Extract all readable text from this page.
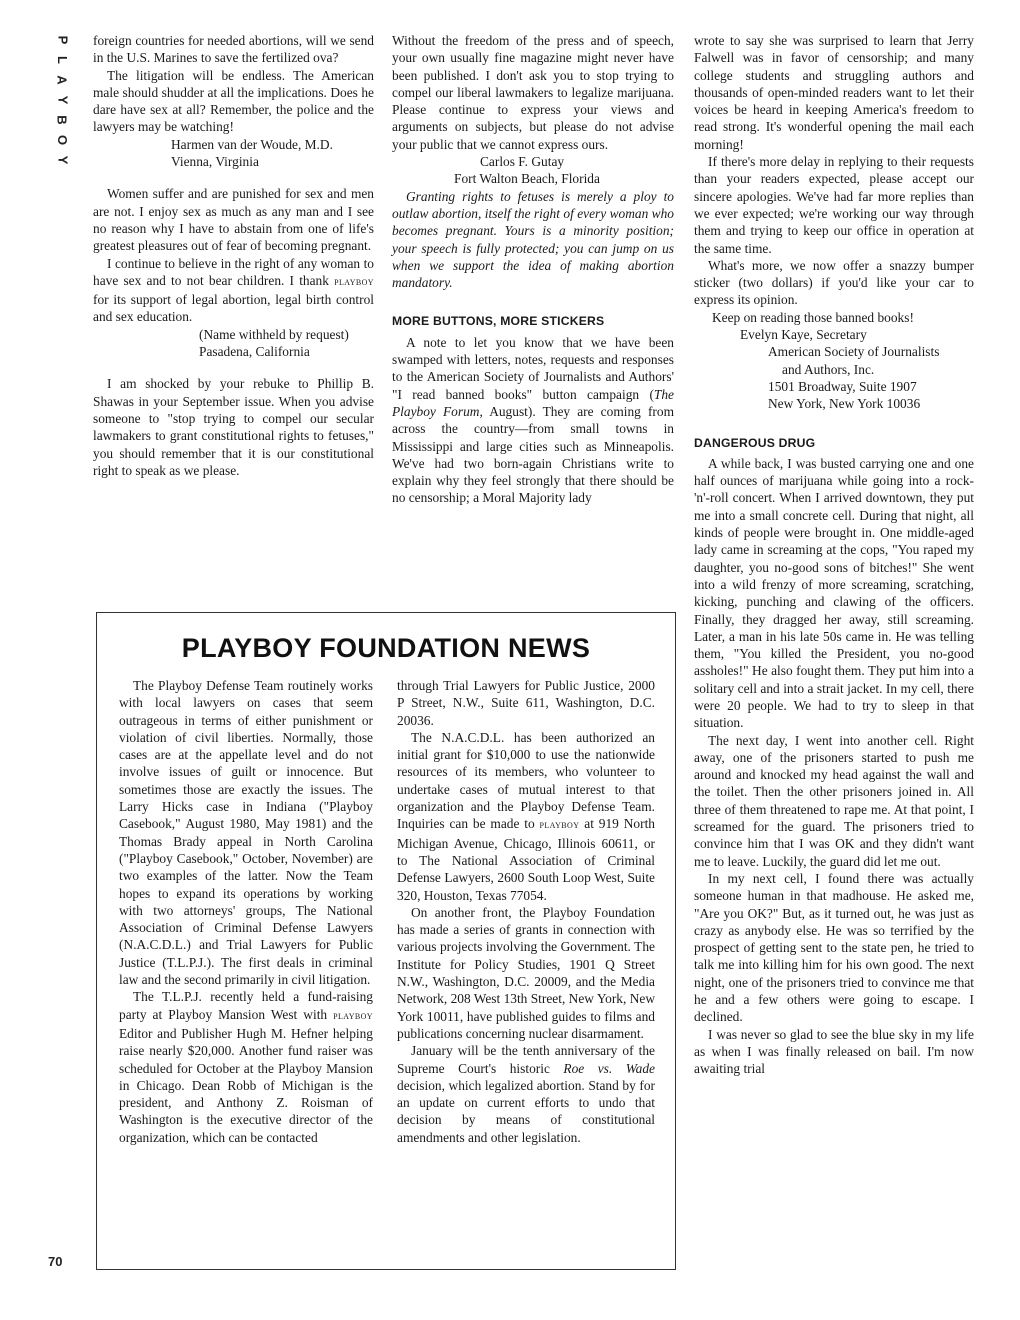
P
L
A
Y
B
O
Y
70

foreign countries for needed abortions, will we send in the U.S. Marines to save the fertilized ova?

The litigation will be endless. The American male should shudder at all the implications. Does he dare have sex at all? Remember, the police and the lawyers may be watching!

Harmen van der Woude, M.D.

Vienna, Virginia

Women suffer and are punished for sex and men are not. I enjoy sex as much as any man and I see no reason why I have to abstain from one of life's greatest pleasures out of fear of becoming pregnant.

I continue to believe in the right of any woman to have sex and to not bear children. I thank playboy for its support of legal abortion, legal birth control and sex education.

(Name withheld by request)

Pasadena, California

I am shocked by your rebuke to Phillip B. Shawas in your September issue. When you advise someone to "stop trying to compel our secular lawmakers to grant constitutional rights to fetuses," you should remember that it is our constitutional right to speak as we please.

Without the freedom of the press and of speech, your own usually fine magazine might never have been published. I don't ask you to stop trying to compel our liberal lawmakers to legalize marijuana. Please continue to express your views and arguments on subjects, but please do not advise your public that we cannot express ours.

Carlos F. Gutay

Fort Walton Beach, Florida

Granting rights to fetuses is merely a ploy to outlaw abortion, itself the right of every woman who becomes pregnant. Yours is a minority position; your speech is fully protected; you can jump on us when we support the idea of making abortion mandatory.

MORE BUTTONS, MORE STICKERS

A note to let you know that we have been swamped with letters, notes, requests and responses to the American Society of Journalists and Authors' "I read banned books" button campaign (The Playboy Forum, August). They are coming from across the country—from small towns in Mississippi and large cities such as Minneapolis. We've had two born-again Christians write to explain why they feel strongly that there should be no censorship; a Moral Majority lady

wrote to say she was surprised to learn that Jerry Falwell was in favor of censorship; and many college students and struggling authors and thousands of open-minded readers want to let their voices be heard in keeping America's freedom to read strong. It's wonderful opening the mail each morning!

If there's more delay in replying to their requests than your readers expected, please accept our sincere apologies. We've had far more replies than we ever expected; we're working our way through them and trying to keep our office in operation at the same time.

What's more, we now offer a snazzy bumper sticker (two dollars) if you'd like your car to express its opinion.

Keep on reading those banned books!

Evelyn Kaye, Secretary

American Society of Journalists

and Authors, Inc.

1501 Broadway, Suite 1907

New York, New York 10036

DANGEROUS DRUG

A while back, I was busted carrying one and one half ounces of marijuana while going into a rock-'n'-roll concert. When I arrived downtown, they put me into a small concrete cell. During that night, all kinds of people were brought in. One middle-aged lady came in screaming at the cops, "You raped my daughter, you no-good sons of bitches!" She went into a wild frenzy of more screaming, scratching, kicking, punching and clawing of the officers. Finally, they dragged her away, still screaming. Later, a man in his late 50s came in. He was telling them, "You killed the President, you no-good assholes!" He also fought them. They put him into a solitary cell and into a strait jacket. In my cell, there were 20 people. We had to try to sleep in that situation.

The next day, I went into another cell. Right away, one of the prisoners started to push me around and knocked my head against the wall and the toilet. Then the other prisoners joined in. All three of them threatened to rape me. At that point, I screamed for the guard. The prisoners tried to convince him that I was OK and they didn't want me to leave. Luckily, the guard did let me out.

In my next cell, I found there was actually someone human in that madhouse. He asked me, "Are you OK?" But, as it turned out, he was just as crazy as anybody else. He was so terrified by the prospect of getting sent to the state pen, he tried to talk me into killing him for his own good. The next night, one of the prisoners tried to convince me that he and a few others were going to escape. I declined.

I was never so glad to see the blue sky in my life as when I was finally released on bail. I'm now awaiting trial

PLAYBOY FOUNDATION NEWS

The Playboy Defense Team routinely works with local lawyers on cases that seem outrageous in terms of either punishment or violation of civil liberties. Normally, those cases are at the appellate level and do not involve issues of guilt or innocence. But sometimes those are exactly the issues. The Larry Hicks case in Indiana ("Playboy Casebook," August 1980, May 1981) and the Thomas Brady appeal in North Carolina ("Playboy Casebook," October, November) are two examples of the latter. Now the Team hopes to expand its operations by working with two attorneys' groups, The National Association of Criminal Defense Lawyers (N.A.C.D.L.) and Trial Lawyers for Public Justice (T.L.P.J.). The first deals in criminal law and the second primarily in civil litigation.

The T.L.P.J. recently held a fund-raising party at Playboy Mansion West with playboy Editor and Publisher Hugh M. Hefner helping raise nearly $20,000. Another fund raiser was scheduled for October at the Playboy Mansion in Chicago. Dean Robb of Michigan is the president, and Anthony Z. Roisman of Washington is the executive director of the organization, which can be contacted

through Trial Lawyers for Public Justice, 2000 P Street, N.W., Suite 611, Washington, D.C. 20036.

The N.A.C.D.L. has been authorized an initial grant for $10,000 to use the nationwide resources of its members, who volunteer to undertake cases of mutual interest to that organization and the Playboy Defense Team. Inquiries can be made to playboy at 919 North Michigan Avenue, Chicago, Illinois 60611, or to The National Association of Criminal Defense Lawyers, 2600 South Loop West, Suite 320, Houston, Texas 77054.

On another front, the Playboy Foundation has made a series of grants in connection with various projects involving the Government. The Institute for Policy Studies, 1901 Q Street N.W., Washington, D.C. 20009, and the Media Network, 208 West 13th Street, New York, New York 10011, have published guides to films and publications concerning nuclear disarmament.

January will be the tenth anniversary of the Supreme Court's historic Roe vs. Wade decision, which legalized abortion. Stand by for an update on current efforts to undo that decision by means of constitutional amendments and other legislation.
